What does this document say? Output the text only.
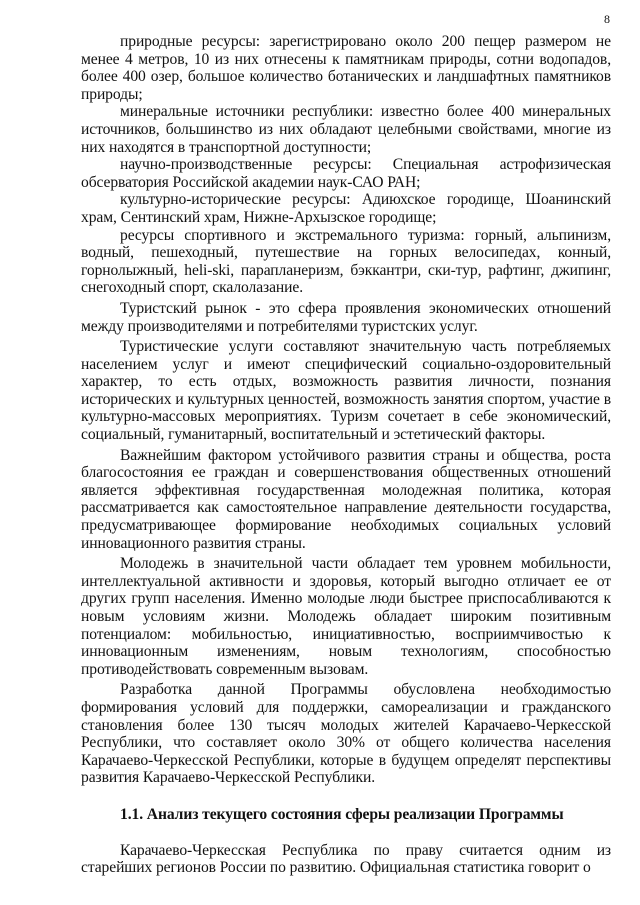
8

природные ресурсы: зарегистрировано около 200 пещер размером не менее 4 метров, 10 из них отнесены к памятникам природы, сотни водопадов, более 400 озер, большое количество ботанических и ландшафтных памятников природы;

минеральные источники республики: известно более 400 минеральных источников, большинство из них обладают целебными свойствами, многие из них находятся в транспортной доступности;

научно-производственные ресурсы: Специальная астрофизическая обсерватория Российской академии наук-САО РАН;

культурно-исторические ресурсы: Адиюхское городище, Шоанинский храм, Сентинский храм, Нижне-Архызское городище;

ресурсы спортивного и экстремального туризма: горный, альпинизм, водный, пешеходный, путешествие на горных велосипедах, конный, горнолыжный, heli-ski, парапланеризм, бэккантри, ски-тур, рафтинг, джипинг, снегоходный спорт, скалолазание.

Туристский рынок - это сфера проявления экономических отношений между производителями и потребителями туристских услуг.

Туристические услуги составляют значительную часть потребляемых населением услуг и имеют специфический социально-оздоровительный характер, то есть отдых, возможность развития личности, познания исторических и культурных ценностей, возможность занятия спортом, участие в культурно-массовых мероприятиях. Туризм сочетает в себе экономический, социальный, гуманитарный, воспитательный и эстетический факторы.

Важнейшим фактором устойчивого развития страны и общества, роста благосостояния ее граждан и совершенствования общественных отношений является эффективная государственная молодежная политика, которая рассматривается как самостоятельное направление деятельности государства, предусматривающее формирование необходимых социальных условий инновационного развития страны.

Молодежь в значительной части обладает тем уровнем мобильности, интеллектуальной активности и здоровья, который выгодно отличает ее от других групп населения. Именно молодые люди быстрее приспосабливаются к новым условиям жизни. Молодежь обладает широким позитивным потенциалом: мобильностью, инициативностью, восприимчивостью к инновационным изменениям, новым технологиям, способностью противодействовать современным вызовам.

Разработка данной Программы обусловлена необходимостью формирования условий для поддержки, самореализации и гражданского становления более 130 тысяч молодых жителей Карачаево-Черкесской Республики, что составляет около 30% от общего количества населения Карачаево-Черкесской Республики, которые в будущем определят перспективы развития Карачаево-Черкесской Республики.

1.1. Анализ текущего состояния сферы реализации Программы

Карачаево-Черкесская Республика по праву считается одним из старейших регионов России по развитию. Официальная статистика говорит о
